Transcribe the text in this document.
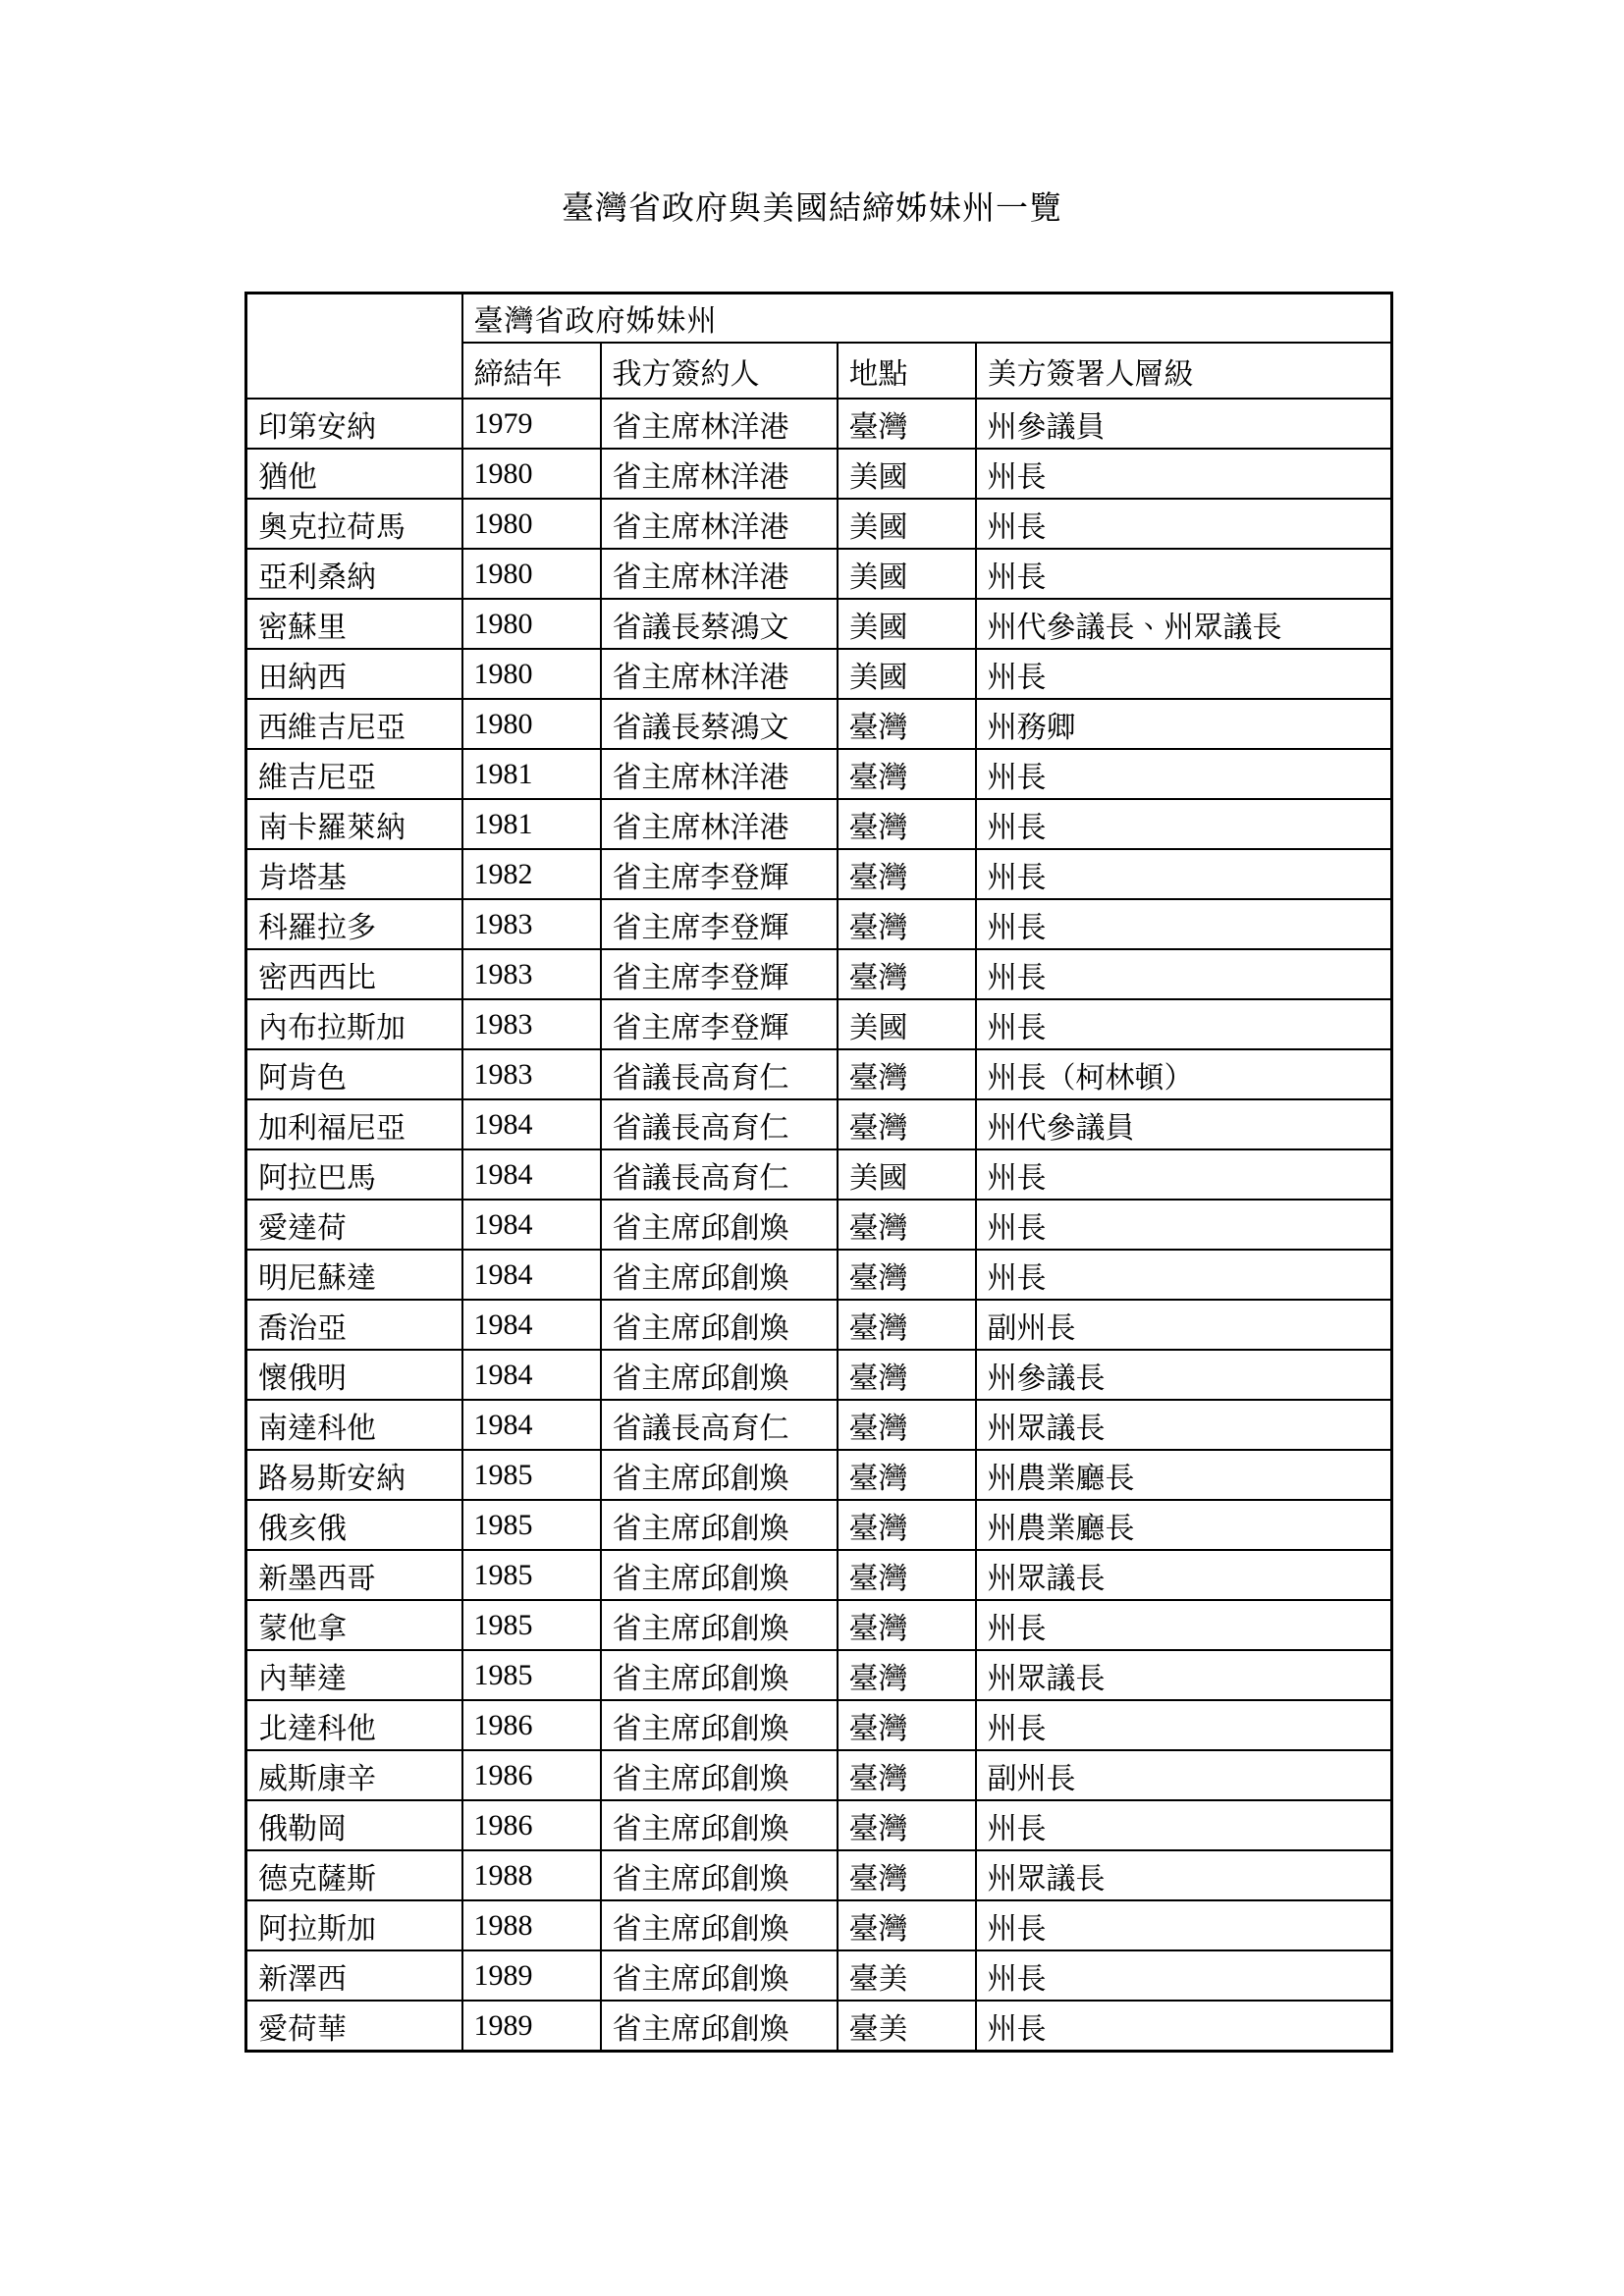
臺灣省政府與美國結締姊妹州一覽
	臺灣省政府姊妹州			
	締結年	我方簽約人	地點	美方簽署人層級
印第安納	1979	省主席林洋港	臺灣	州參議員
猶他	1980	省主席林洋港	美國	州長
奧克拉荷馬	1980	省主席林洋港	美國	州長
亞利桑納	1980	省主席林洋港	美國	州長
密蘇里	1980	省議長蔡鴻文	美國	州代參議長、州眾議長
田納西	1980	省主席林洋港	美國	州長
西維吉尼亞	1980	省議長蔡鴻文	臺灣	州務卿
維吉尼亞	1981	省主席林洋港	臺灣	州長
南卡羅萊納	1981	省主席林洋港	臺灣	州長
肯塔基	1982	省主席李登輝	臺灣	州長
科羅拉多	1983	省主席李登輝	臺灣	州長
密西西比	1983	省主席李登輝	臺灣	州長
內布拉斯加	1983	省主席李登輝	美國	州長
阿肯色	1983	省議長高育仁	臺灣	州長（柯林頓）
加利福尼亞	1984	省議長高育仁	臺灣	州代參議員
阿拉巴馬	1984	省議長高育仁	美國	州長
愛達荷	1984	省主席邱創煥	臺灣	州長
明尼蘇達	1984	省主席邱創煥	臺灣	州長
喬治亞	1984	省主席邱創煥	臺灣	副州長
懷俄明	1984	省主席邱創煥	臺灣	州參議長
南達科他	1984	省議長高育仁	臺灣	州眾議長
路易斯安納	1985	省主席邱創煥	臺灣	州農業廳長
俄亥俄	1985	省主席邱創煥	臺灣	州農業廳長
新墨西哥	1985	省主席邱創煥	臺灣	州眾議長
蒙他拿	1985	省主席邱創煥	臺灣	州長
內華達	1985	省主席邱創煥	臺灣	州眾議長
北達科他	1986	省主席邱創煥	臺灣	州長
威斯康辛	1986	省主席邱創煥	臺灣	副州長
俄勒岡	1986	省主席邱創煥	臺灣	州長
德克薩斯	1988	省主席邱創煥	臺灣	州眾議長
阿拉斯加	1988	省主席邱創煥	臺灣	州長
新澤西	1989	省主席邱創煥	臺美	州長
愛荷華	1989	省主席邱創煥	臺美	州長
